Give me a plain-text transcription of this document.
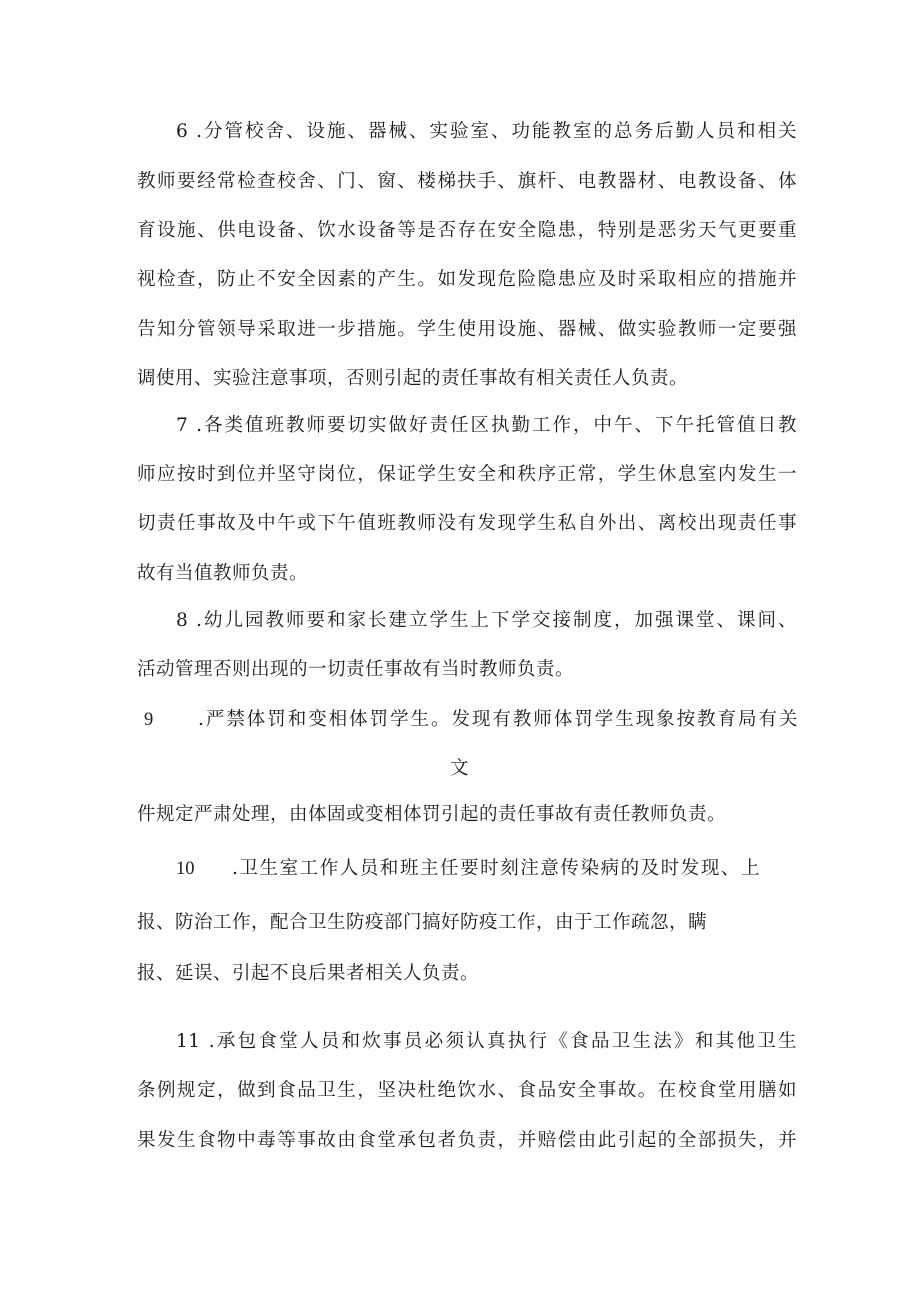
6 .分管校舍、设施、器械、实验室、功能教室的总务后勤人员和相关
教师要经常检查校舍、门、窗、楼梯扶手、旗杆、电教器材、电教设备、体
育设施、供电设备、饮水设备等是否存在安全隐患，特别是恶劣天气更要重
视检查，防止不安全因素的产生。如发现危险隐患应及时采取相应的措施并
告知分管领导采取进一步措施。学生使用设施、器械、做实验教师一定要强
调使用、实验注意事项，否则引起的责任事故有相关责任人负责。
7 .各类值班教师要切实做好责任区执勤工作，中午、下午托管值日教
师应按时到位并坚守岗位，保证学生安全和秩序正常，学生休息室内发生一
切责任事故及中午或下午值班教师没有发现学生私自外出、离校出现责任事
故有当值教师负责。
8 .幼儿园教师要和家长建立学生上下学交接制度，加强课堂、课间、
活动管理否则出现的一切责任事故有当时教师负责。
9 .严禁体罚和变相体罚学生。发现有教师体罚学生现象按教育局有关
文
件规定严肃处理，由体固或变相体罚引起的责任事故有责任教师负责。
10 .卫生室工作人员和班主任要时刻注意传染病的及时发现、上
报、防治工作，配合卫生防疫部门搞好防疫工作，由于工作疏忽，瞒
报、延误、引起不良后果者相关人负责。
11 .承包食堂人员和炊事员必须认真执行《食品卫生法》和其他卫生
条例规定，做到食品卫生，坚决杜绝饮水、食品安全事故。在校食堂用膳如
果发生食物中毒等事故由食堂承包者负责，并赔偿由此引起的全部损失，并
